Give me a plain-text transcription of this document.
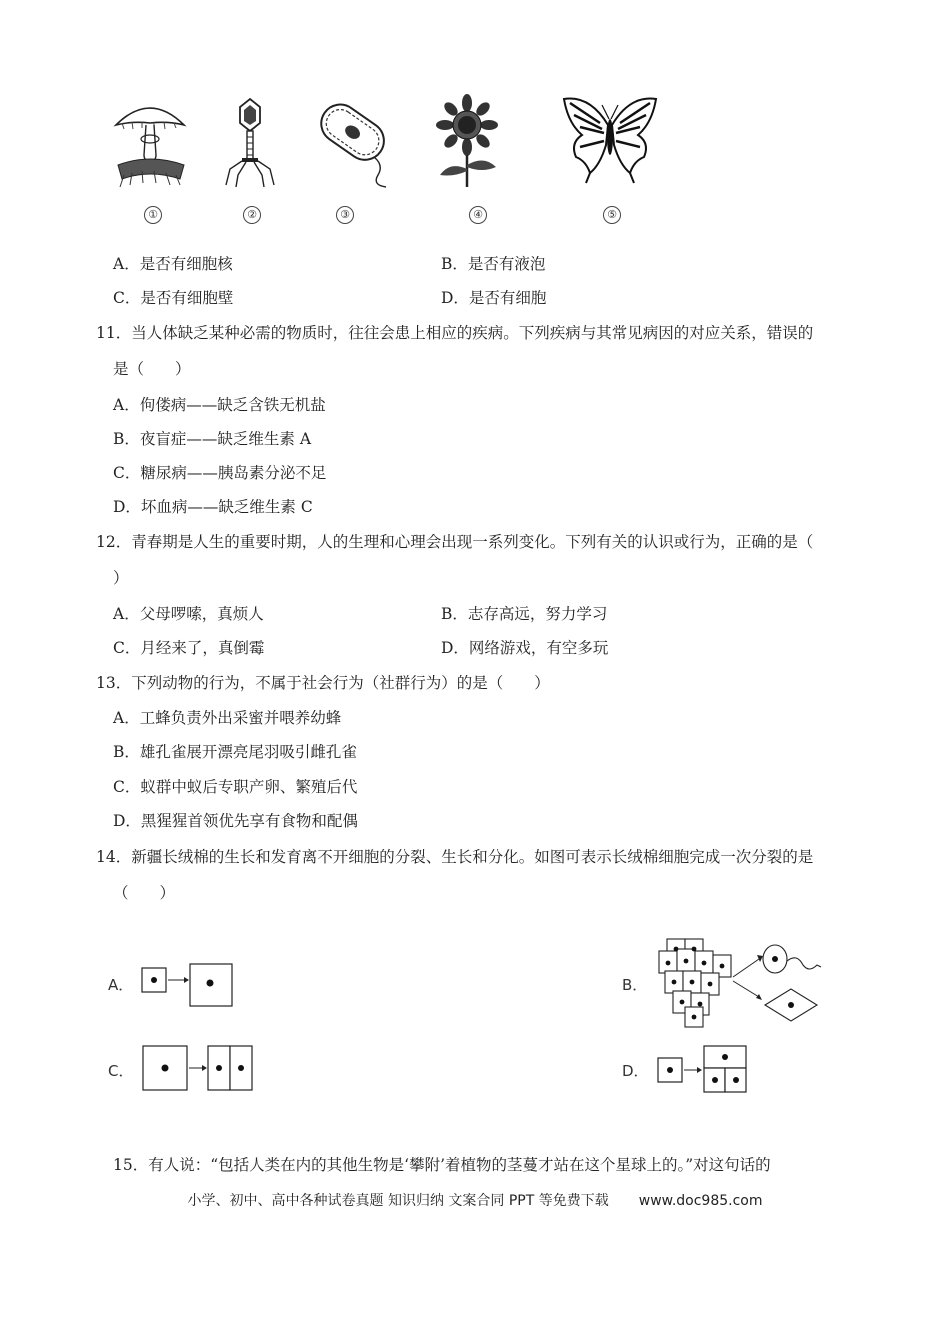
①	②	③	④	⑤
A．是否有细胞核	B．是否有液泡
C．是否有细胞壁	D．是否有细胞
11．当人体缺乏某种必需的物质时，往往会患上相应的疾病。下列疾病与其常见病因的对应关系，错误的
是（　　）
A．佝偻病——缺乏含铁无机盐
B．夜盲症——缺乏维生素 A
C．糖尿病——胰岛素分泌不足
D．坏血病——缺乏维生素 C
12．青春期是人生的重要时期，人的生理和心理会出现一系列变化。下列有关的认识或行为，正确的是（
）
A．父母啰嗦，真烦人	B．志存高远，努力学习
C．月经来了，真倒霉	D．网络游戏，有空多玩
13．下列动物的行为，不属于社会行为（社群行为）的是（　　）
A．工蜂负责外出采蜜并喂养幼蜂
B．雄孔雀展开漂亮尾羽吸引雌孔雀
C．蚁群中蚁后专职产卵、繁殖后代
D．黑猩猩首领优先享有食物和配偶
14．新疆长绒棉的生长和发育离不开细胞的分裂、生长和分化。如图可表示长绒棉细胞完成一次分裂的是
（　　）
A．	B．
C．	D．
15．有人说：“包括人类在内的其他生物是‘攀附’着植物的茎蔓才站在这个星球上的。”对这句话的
小学、初中、高中各种试卷真题 知识归纳 文案合同 PPT 等免费下载 www.doc985.com
